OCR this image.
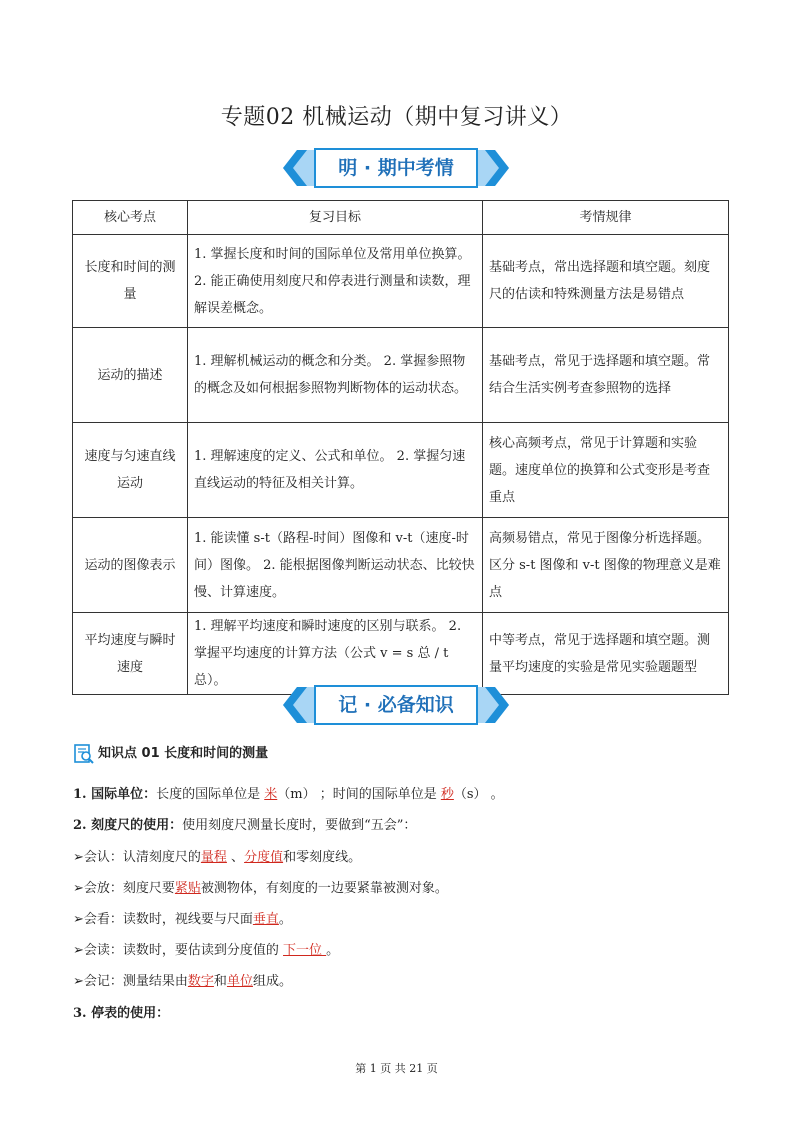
专题02 机械运动（期中复习讲义）
明 · 期中考情
核心考点	复习目标	考情规律
长度和时间的测量	1. 掌握长度和时间的国际单位及常用单位换算。 2. 能正确使用刻度尺和停表进行测量和读数，理解误差概念。	基础考点，常出选择题和填空题。刻度尺的估读和特殊测量方法是易错点
运动的描述	1. 理解机械运动的概念和分类。 2. 掌握参照物的概念及如何根据参照物判断物体的运动状态。	基础考点，常见于选择题和填空题。常结合生活实例考查参照物的选择
速度与匀速直线运动	1. 理解速度的定义、公式和单位。 2. 掌握匀速直线运动的特征及相关计算。	核心高频考点，常见于计算题和实验题。速度单位的换算和公式变形是考查重点
运动的图像表示	1. 能读懂 s-t（路程-时间）图像和 v-t（速度-时间）图像。 2. 能根据图像判断运动状态、比较快慢、计算速度。	高频易错点，常见于图像分析选择题。区分 s-t 图像和 v-t 图像的物理意义是难点
平均速度与瞬时速度	1. 理解平均速度和瞬时速度的区别与联系。 2. 掌握平均速度的计算方法（公式 v = s 总 / t 总）。	中等考点，常见于选择题和填空题。测量平均速度的实验是常见实验题题型
记 · 必备知识
知识点 01 长度和时间的测量
1. 国际单位：长度的国际单位是 米（m） ；时间的国际单位是 秒（s） 。
2. 刻度尺的使用：使用刻度尺测量长度时，要做到“五会”：
➢会认：认清刻度尺的量程 、分度值和零刻度线。
➢会放：刻度尺要紧贴被测物体，有刻度的一边要紧靠被测对象。
➢会看：读数时，视线要与尺面垂直。
➢会读：读数时，要估读到分度值的 下一位 。
➢会记：测量结果由数字和单位组成。
3. 停表的使用：
第 1 页 共 21 页
